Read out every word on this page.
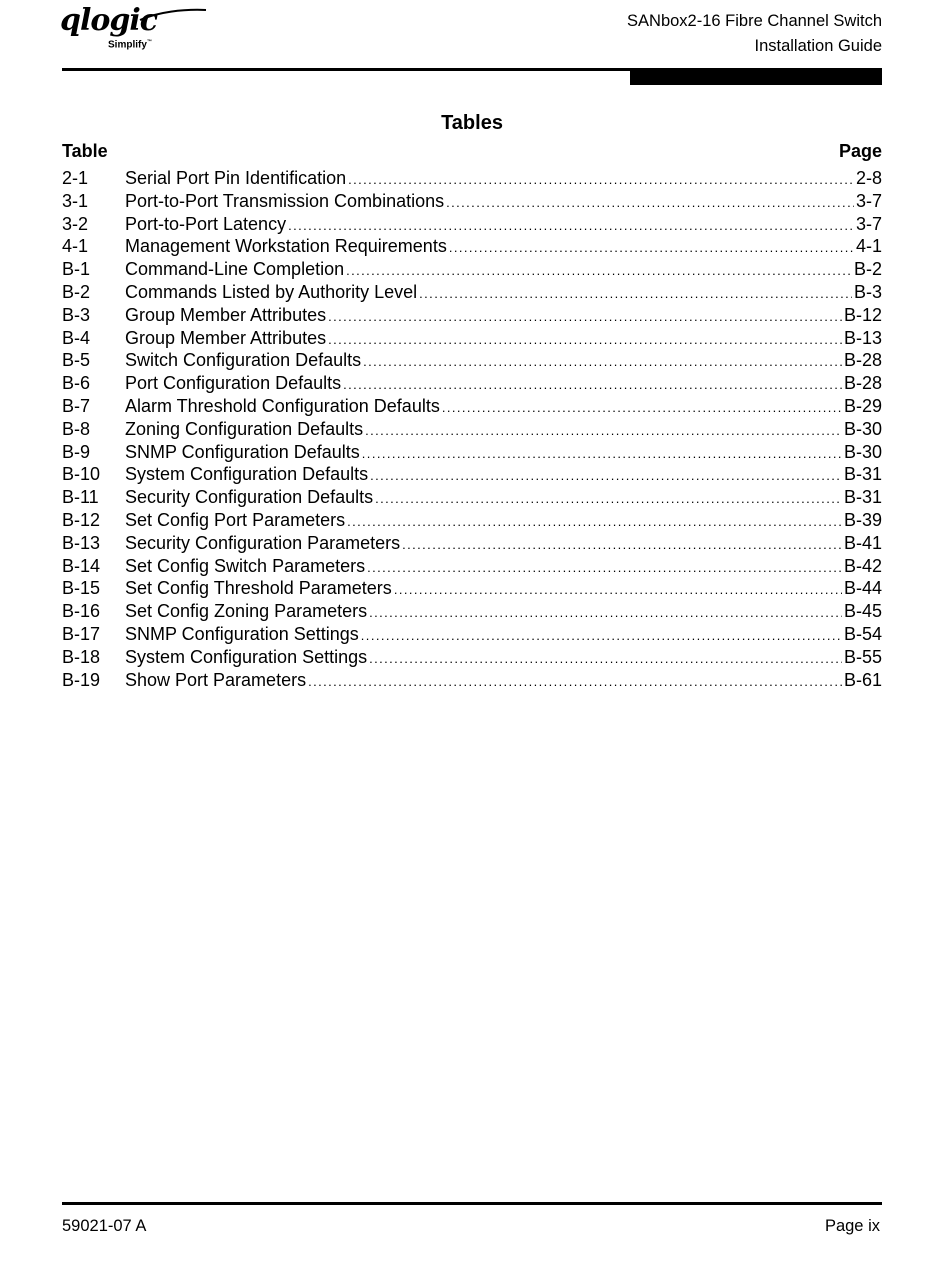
qlogic
Simplify™
SANbox2-16 Fibre Channel Switch
Installation Guide
Tables
Table	Page
2-1	Serial Port Pin Identification .....	2-8
3-1	Port-to-Port Transmission Combinations .....	3-7
3-2	Port-to-Port Latency .....	3-7
4-1	Management Workstation Requirements .....	4-1
B-1	Command-Line Completion .....	B-2
B-2	Commands Listed by Authority Level .....	B-3
B-3	Group Member Attributes .....	B-12
B-4	Group Member Attributes .....	B-13
B-5	Switch Configuration Defaults .....	B-28
B-6	Port Configuration Defaults .....	B-28
B-7	Alarm Threshold Configuration Defaults .....	B-29
B-8	Zoning Configuration Defaults .....	B-30
B-9	SNMP Configuration Defaults .....	B-30
B-10	System Configuration Defaults .....	B-31
B-11	Security Configuration Defaults .....	B-31
B-12	Set Config Port Parameters .....	B-39
B-13	Security Configuration Parameters .....	B-41
B-14	Set Config Switch Parameters .....	B-42
B-15	Set Config Threshold Parameters .....	B-44
B-16	Set Config Zoning Parameters .....	B-45
B-17	SNMP Configuration Settings .....	B-54
B-18	System Configuration Settings .....	B-55
B-19	Show Port Parameters .....	B-61
59021-07 A	Page ix
